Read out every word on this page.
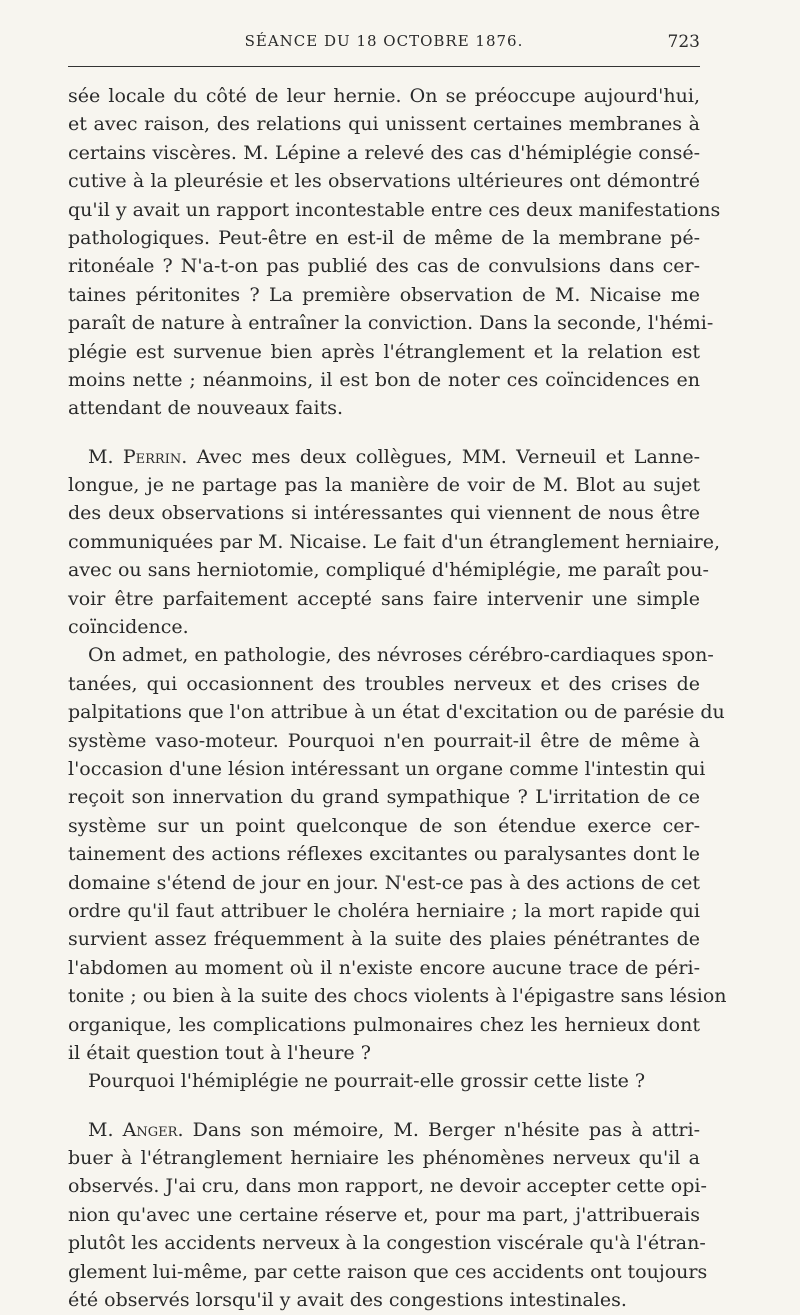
SÉANCE DU 18 OCTOBRE 1876.	723
sée locale du côté de leur hernie. On se préoccupe aujourd'hui,
et avec raison, des relations qui unissent certaines membranes à
certains viscères. M. Lépine a relevé des cas d'hémiplégie consé-
cutive à la pleurésie et les observations ultérieures ont démontré
qu'il y avait un rapport incontestable entre ces deux manifestations
pathologiques. Peut-être en est-il de même de la membrane pé-
ritonéale ? N'a-t-on pas publié des cas de convulsions dans cer-
taines péritonites ? La première observation de M. Nicaise me
paraît de nature à entraîner la conviction. Dans la seconde, l'hémi-
plégie est survenue bien après l'étranglement et la relation est
moins nette ; néanmoins, il est bon de noter ces coïncidences en
attendant de nouveaux faits.
M. Perrin. Avec mes deux collègues, MM. Verneuil et Lanne-
longue, je ne partage pas la manière de voir de M. Blot au sujet
des deux observations si intéressantes qui viennent de nous être
communiquées par M. Nicaise. Le fait d'un étranglement herniaire,
avec ou sans herniotomie, compliqué d'hémiplégie, me paraît pou-
voir être parfaitement accepté sans faire intervenir une simple
coïncidence.
On admet, en pathologie, des névroses cérébro-cardiaques spon-
tanées, qui occasionnent des troubles nerveux et des crises de
palpitations que l'on attribue à un état d'excitation ou de parésie du
système vaso-moteur. Pourquoi n'en pourrait-il être de même à
l'occasion d'une lésion intéressant un organe comme l'intestin qui
reçoit son innervation du grand sympathique ? L'irritation de ce
système sur un point quelconque de son étendue exerce cer-
tainement des actions réflexes excitantes ou paralysantes dont le
domaine s'étend de jour en jour. N'est-ce pas à des actions de cet
ordre qu'il faut attribuer le choléra herniaire ; la mort rapide qui
survient assez fréquemment à la suite des plaies pénétrantes de
l'abdomen au moment où il n'existe encore aucune trace de péri-
tonite ; ou bien à la suite des chocs violents à l'épigastre sans lésion
organique, les complications pulmonaires chez les hernieux dont
il était question tout à l'heure ?
Pourquoi l'hémiplégie ne pourrait-elle grossir cette liste ?
M. Anger. Dans son mémoire, M. Berger n'hésite pas à attri-
buer à l'étranglement herniaire les phénomènes nerveux qu'il a
observés. J'ai cru, dans mon rapport, ne devoir accepter cette opi-
nion qu'avec une certaine réserve et, pour ma part, j'attribuerais
plutôt les accidents nerveux à la congestion viscérale qu'à l'étran-
glement lui-même, par cette raison que ces accidents ont toujours
été observés lorsqu'il y avait des congestions intestinales.
